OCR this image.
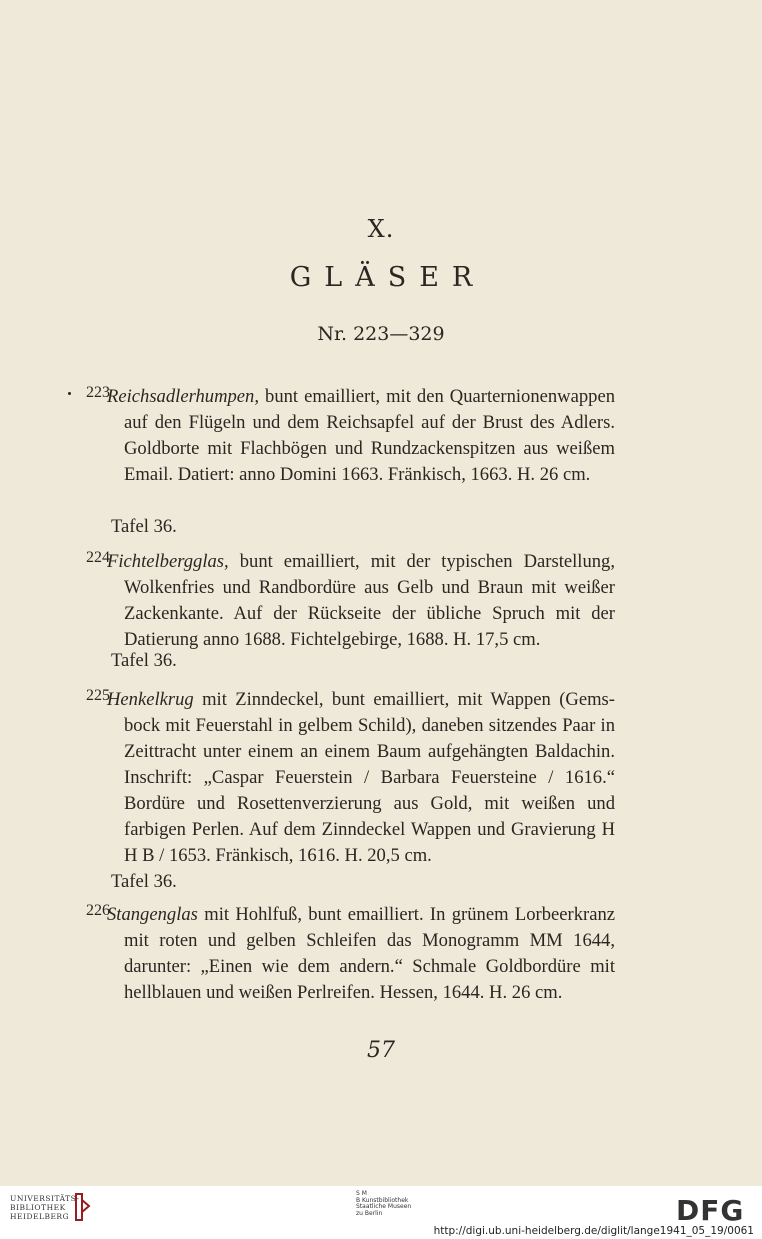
X.
GLÄSER
Nr. 223—329
223
Reichsadlerhumpen, bunt emailliert, mit den Quarternionenwappen auf den Flügeln und dem Reichsapfel auf der Brust des Adlers. Goldborte mit Flachbögen und Rundzackenspitzen aus weißem Email. Datiert: anno Domini 1663. Fränkisch, 1663. H. 26 cm.
Tafel 36.
224
Fichtelbergglas, bunt emailliert, mit der typischen Darstellung, Wolkenfries und Randbordüre aus Gelb und Braun mit weißer Zackenkante. Auf der Rückseite der übliche Spruch mit der Datierung anno 1688. Fichtelgebirge, 1688. H. 17,5 cm.
Tafel 36.
225
Henkelkrug mit Zinndeckel, bunt emailliert, mit Wappen (Gemsbock mit Feuerstahl in gelbem Schild), daneben sitzendes Paar in Zeittracht unter einem an einem Baum aufgehängten Baldachin. Inschrift: „Caspar Feuerstein / Barbara Feuersteine / 1616.“ Bordüre und Rosettenverzierung aus Gold, mit weißen und farbigen Perlen. Auf dem Zinndeckel Wappen und Gravierung H H B / 1653. Fränkisch, 1616. H. 20,5 cm.
Tafel 36.
226
Stangenglas mit Hohlfuß, bunt emailliert. In grünem Lorbeerkranz mit roten und gelben Schleifen das Monogramm MM 1644, darunter: „Einen wie dem andern.“ Schmale Goldbordüre mit hellblauen und weißen Perlreifen. Hessen, 1644. H. 26 cm.
57
UNIVERSITÄTS-
BIBLIOTHEK
HEIDELBERG
S M
B Kunstbibliothek
Staatliche Museen
zu Berlin	DFG
http://digi.ub.uni-heidelberg.de/diglit/lange1941_05_19/0061
